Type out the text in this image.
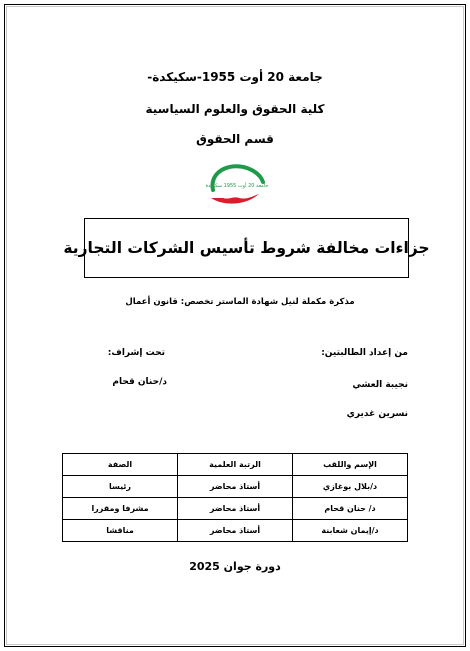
جامعة 20 أوت 1955-سكيكدة-
كلية الحقوق والعلوم السياسية
قسم الحقوق
جامعة 20 أوت 1955 سكيكدة
جزاءات مخالفة شروط تأسيس الشركات التجارية
مذكرة مكملة لنيل شهادة الماستر تخصص: قانون أعمال
من إعداد الطالبتين:
تحت إشراف:
نجيبة العشي
د/حنان قحام
نسرين غديري
الإسم واللقب	الرتبة العلمية	الصفة
د/بلال بوغازي	أستاذ محاضر	رئيسا
د/ حنان قحام	أستاذ محاضر	مشرفا ومقررا
د/إيمان شعابنة	أستاذ محاضر	مناقشا
دورة جوان 2025
